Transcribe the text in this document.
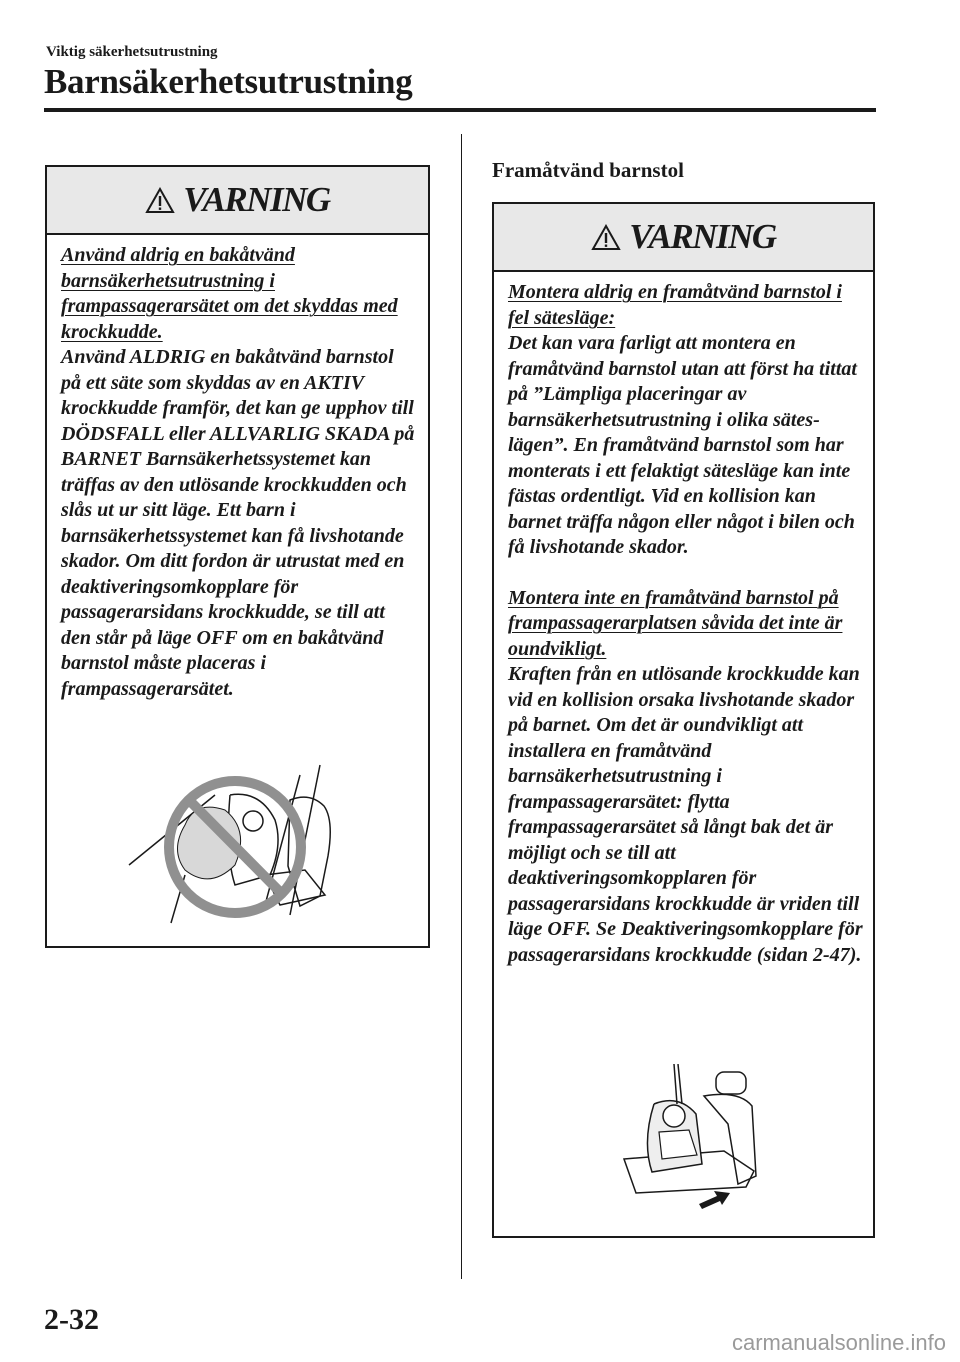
Viktig säkerhetsutrustning
Barnsäkerhetsutrustning
VARNING

Använd aldrig en bakåtvänd barnsäkerhetsutrustning i frampassagerarsätet om det skyddas med krockkudde.

Använd ALDRIG en bakåtvänd barnstol på ett säte som skyddas av en AKTIV krockkudde framför, det kan ge upphov till DÖDSFALL eller ALLVARLIG SKADA på BARNET Barnsäkerhetssystemet kan träffas av den utlösande krockkudden och slås ut ur sitt läge. Ett barn i barnsäkerhetssystemet kan få livshotande skador. Om ditt fordon är utrustat med en deaktiveringsomkopplare för passagerarsidans krockkudde, se till att den står på läge OFF om en bakåtvänd barnstol måste placeras i frampassagerarsätet.

Framåtvänd barnstol
VARNING

Montera aldrig en framåtvänd barnstol i fel sätesläge:

Det kan vara farligt att montera en framåtvänd barnstol utan att först ha tittat på ”Lämpliga placeringar av barnsäkerhetsutrustning i olika säteslägen”. En framåtvänd barnstol som har monterats i ett felaktigt sätesläge kan inte fästas ordentligt. Vid en kollision kan barnet träffa någon eller något i bilen och få livshotande skador.

Montera inte en framåtvänd barnstol på frampassagerarplatsen såvida det inte är oundvikligt.

Kraften från en utlösande krockkudde kan vid en kollision orsaka livshotande skador på barnet. Om det är oundvikligt att installera en framåtvänd barnsäkerhetsutrustning i frampassagerarsätet: flytta frampassagerarsätet så långt bak det är möjligt och se till att deaktiveringsomkopplaren för passagerarsidans krockkudde är vriden till läge OFF. Se Deaktiveringsomkopplare för passagerarsidans krockkudde (sidan 2-47).

2-32
carmanualsonline.info
